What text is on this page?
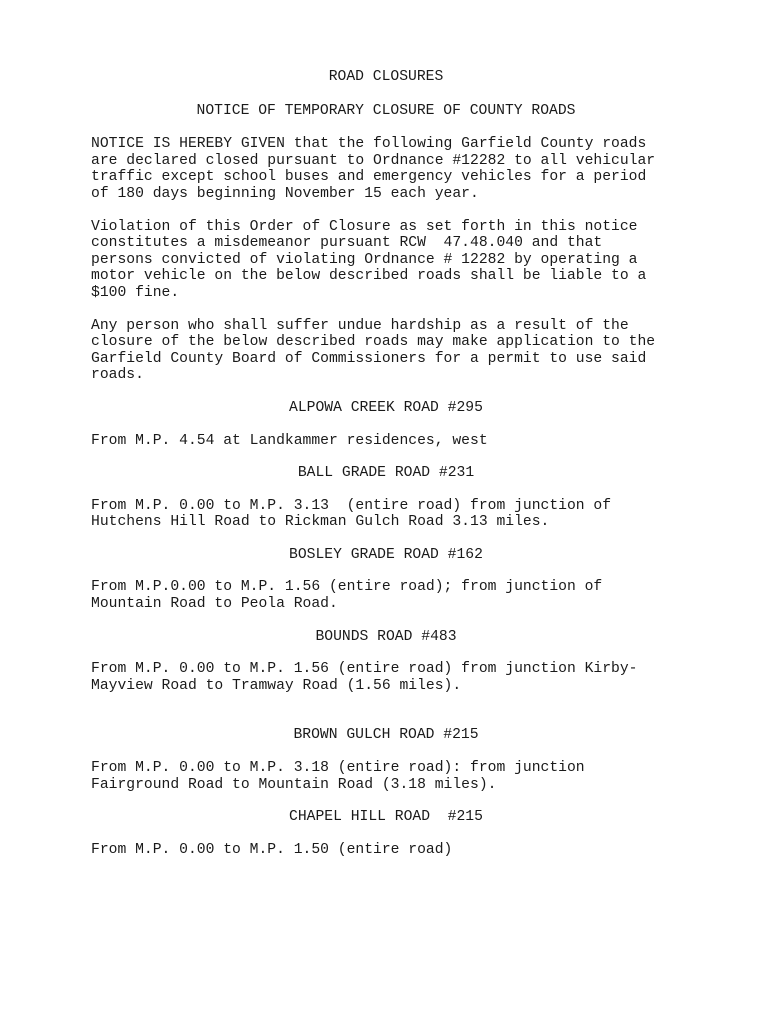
ROAD CLOSURES
NOTICE OF TEMPORARY CLOSURE OF COUNTY ROADS
NOTICE IS HEREBY GIVEN that the following Garfield County roads
are declared closed pursuant to Ordnance #12282 to all vehicular
traffic except school buses and emergency vehicles for a period
of 180 days beginning November 15 each year.
Violation of this Order of Closure as set forth in this notice
constitutes a misdemeanor pursuant RCW  47.48.040 and that
persons convicted of violating Ordnance # 12282 by operating a
motor vehicle on the below described roads shall be liable to a
$100 fine.
Any person who shall suffer undue hardship as a result of the
closure of the below described roads may make application to the
Garfield County Board of Commissioners for a permit to use said
roads.
ALPOWA CREEK ROAD #295
From M.P. 4.54 at Landkammer residences, west
BALL GRADE ROAD #231
From M.P. 0.00 to M.P. 3.13  (entire road) from junction of
Hutchens Hill Road to Rickman Gulch Road 3.13 miles.
BOSLEY GRADE ROAD #162
From M.P.0.00 to M.P. 1.56 (entire road); from junction of
Mountain Road to Peola Road.
BOUNDS ROAD #483
From M.P. 0.00 to M.P. 1.56 (entire road) from junction Kirby-
Mayview Road to Tramway Road (1.56 miles).
BROWN GULCH ROAD #215
From M.P. 0.00 to M.P. 3.18 (entire road): from junction
Fairground Road to Mountain Road (3.18 miles).
CHAPEL HILL ROAD  #215
From M.P. 0.00 to M.P. 1.50 (entire road)
